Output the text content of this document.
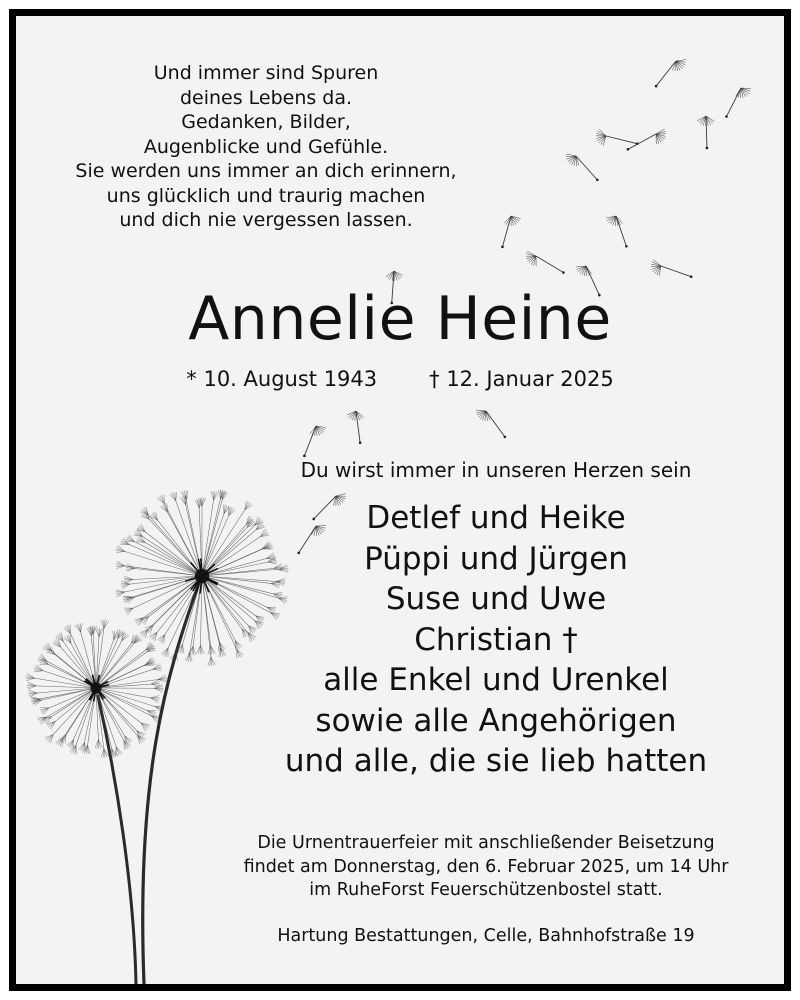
Und immer sind Spuren
deines Lebens da.
Gedanken, Bilder,
Augenblicke und Gefühle.
Sie werden uns immer an dich erinnern,
uns glücklich und traurig machen
und dich nie vergessen lassen.
Annelie Heine
* 10. August 1943 † 12. Januar 2025
Du wirst immer in unseren Herzen sein
Detlef und Heike
Püppi und Jürgen
Suse und Uwe
Christian †
alle Enkel und Urenkel
sowie alle Angehörigen
und alle, die sie lieb hatten
Die Urnentrauerfeier mit anschließender Beisetzung
findet am Donnerstag, den 6. Februar 2025, um 14 Uhr
im RuheForst Feuerschützenbostel statt.
Hartung Bestattungen, Celle, Bahnhofstraße 19
